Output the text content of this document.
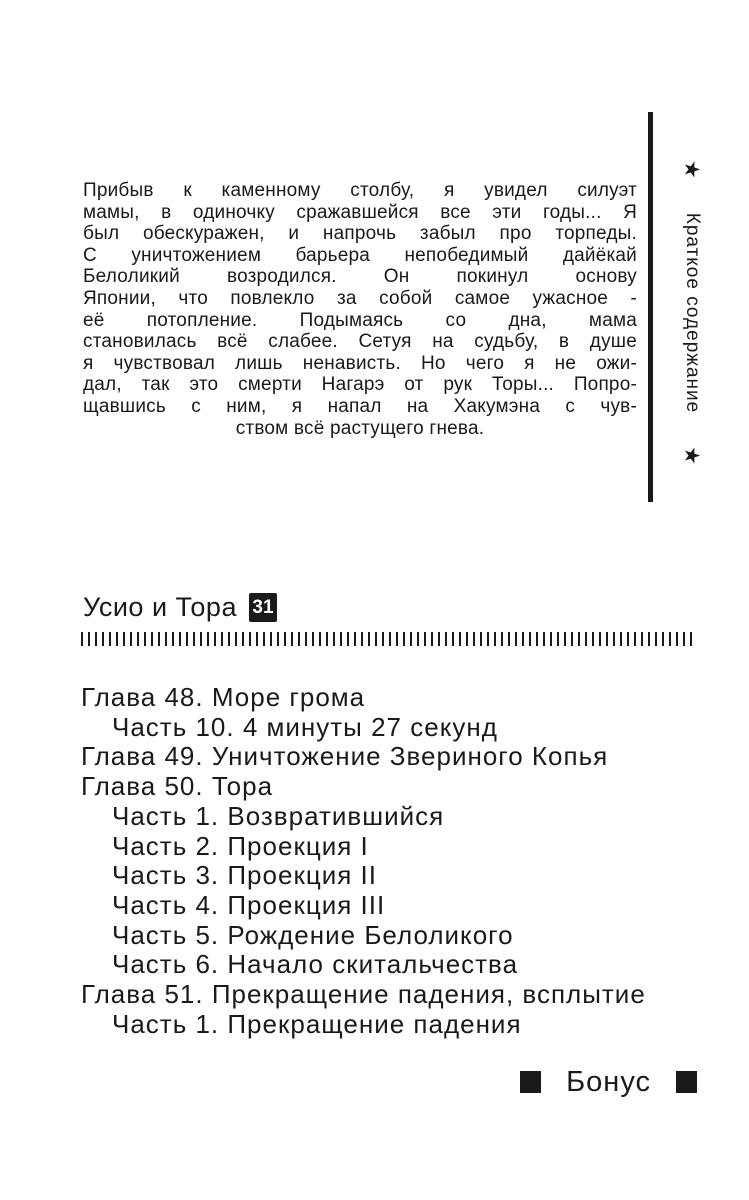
Прибыв к каменному столбу, я увидел силуэт
мамы, в одиночку сражавшейся все эти годы... Я
был обескуражен, и напрочь забыл про торпеды.
С уничтожением барьера непобедимый дайёкай
Белоликий возродился. Он покинул основу
Японии, что повлекло за собой самое ужасное -
её потопление. Подымаясь со дна, мама
становилась всё слабее. Сетуя на судьбу, в душе
я чувствовал лишь ненависть. Но чего я не ожи-
дал, так это смерти Нагарэ от рук Торы... Попро-
щавшись с ним, я напал на Хакумэна с чув-
ством всё растущего гнева.
★
Краткое содержание
★
Усио и Тора 31
Глава 48. Море грома
Часть 10. 4 минуты 27 секунд
Глава 49. Уничтожение Звериного Копья
Глава 50. Тора
Часть 1. Возвратившийся
Часть 2. Проекция I
Часть 3. Проекция II
Часть 4. Проекция III
Часть 5. Рождение Белоликого
Часть 6. Начало скитальчества
Глава 51. Прекращение падения, всплытие
Часть 1. Прекращение падения
Бонус
